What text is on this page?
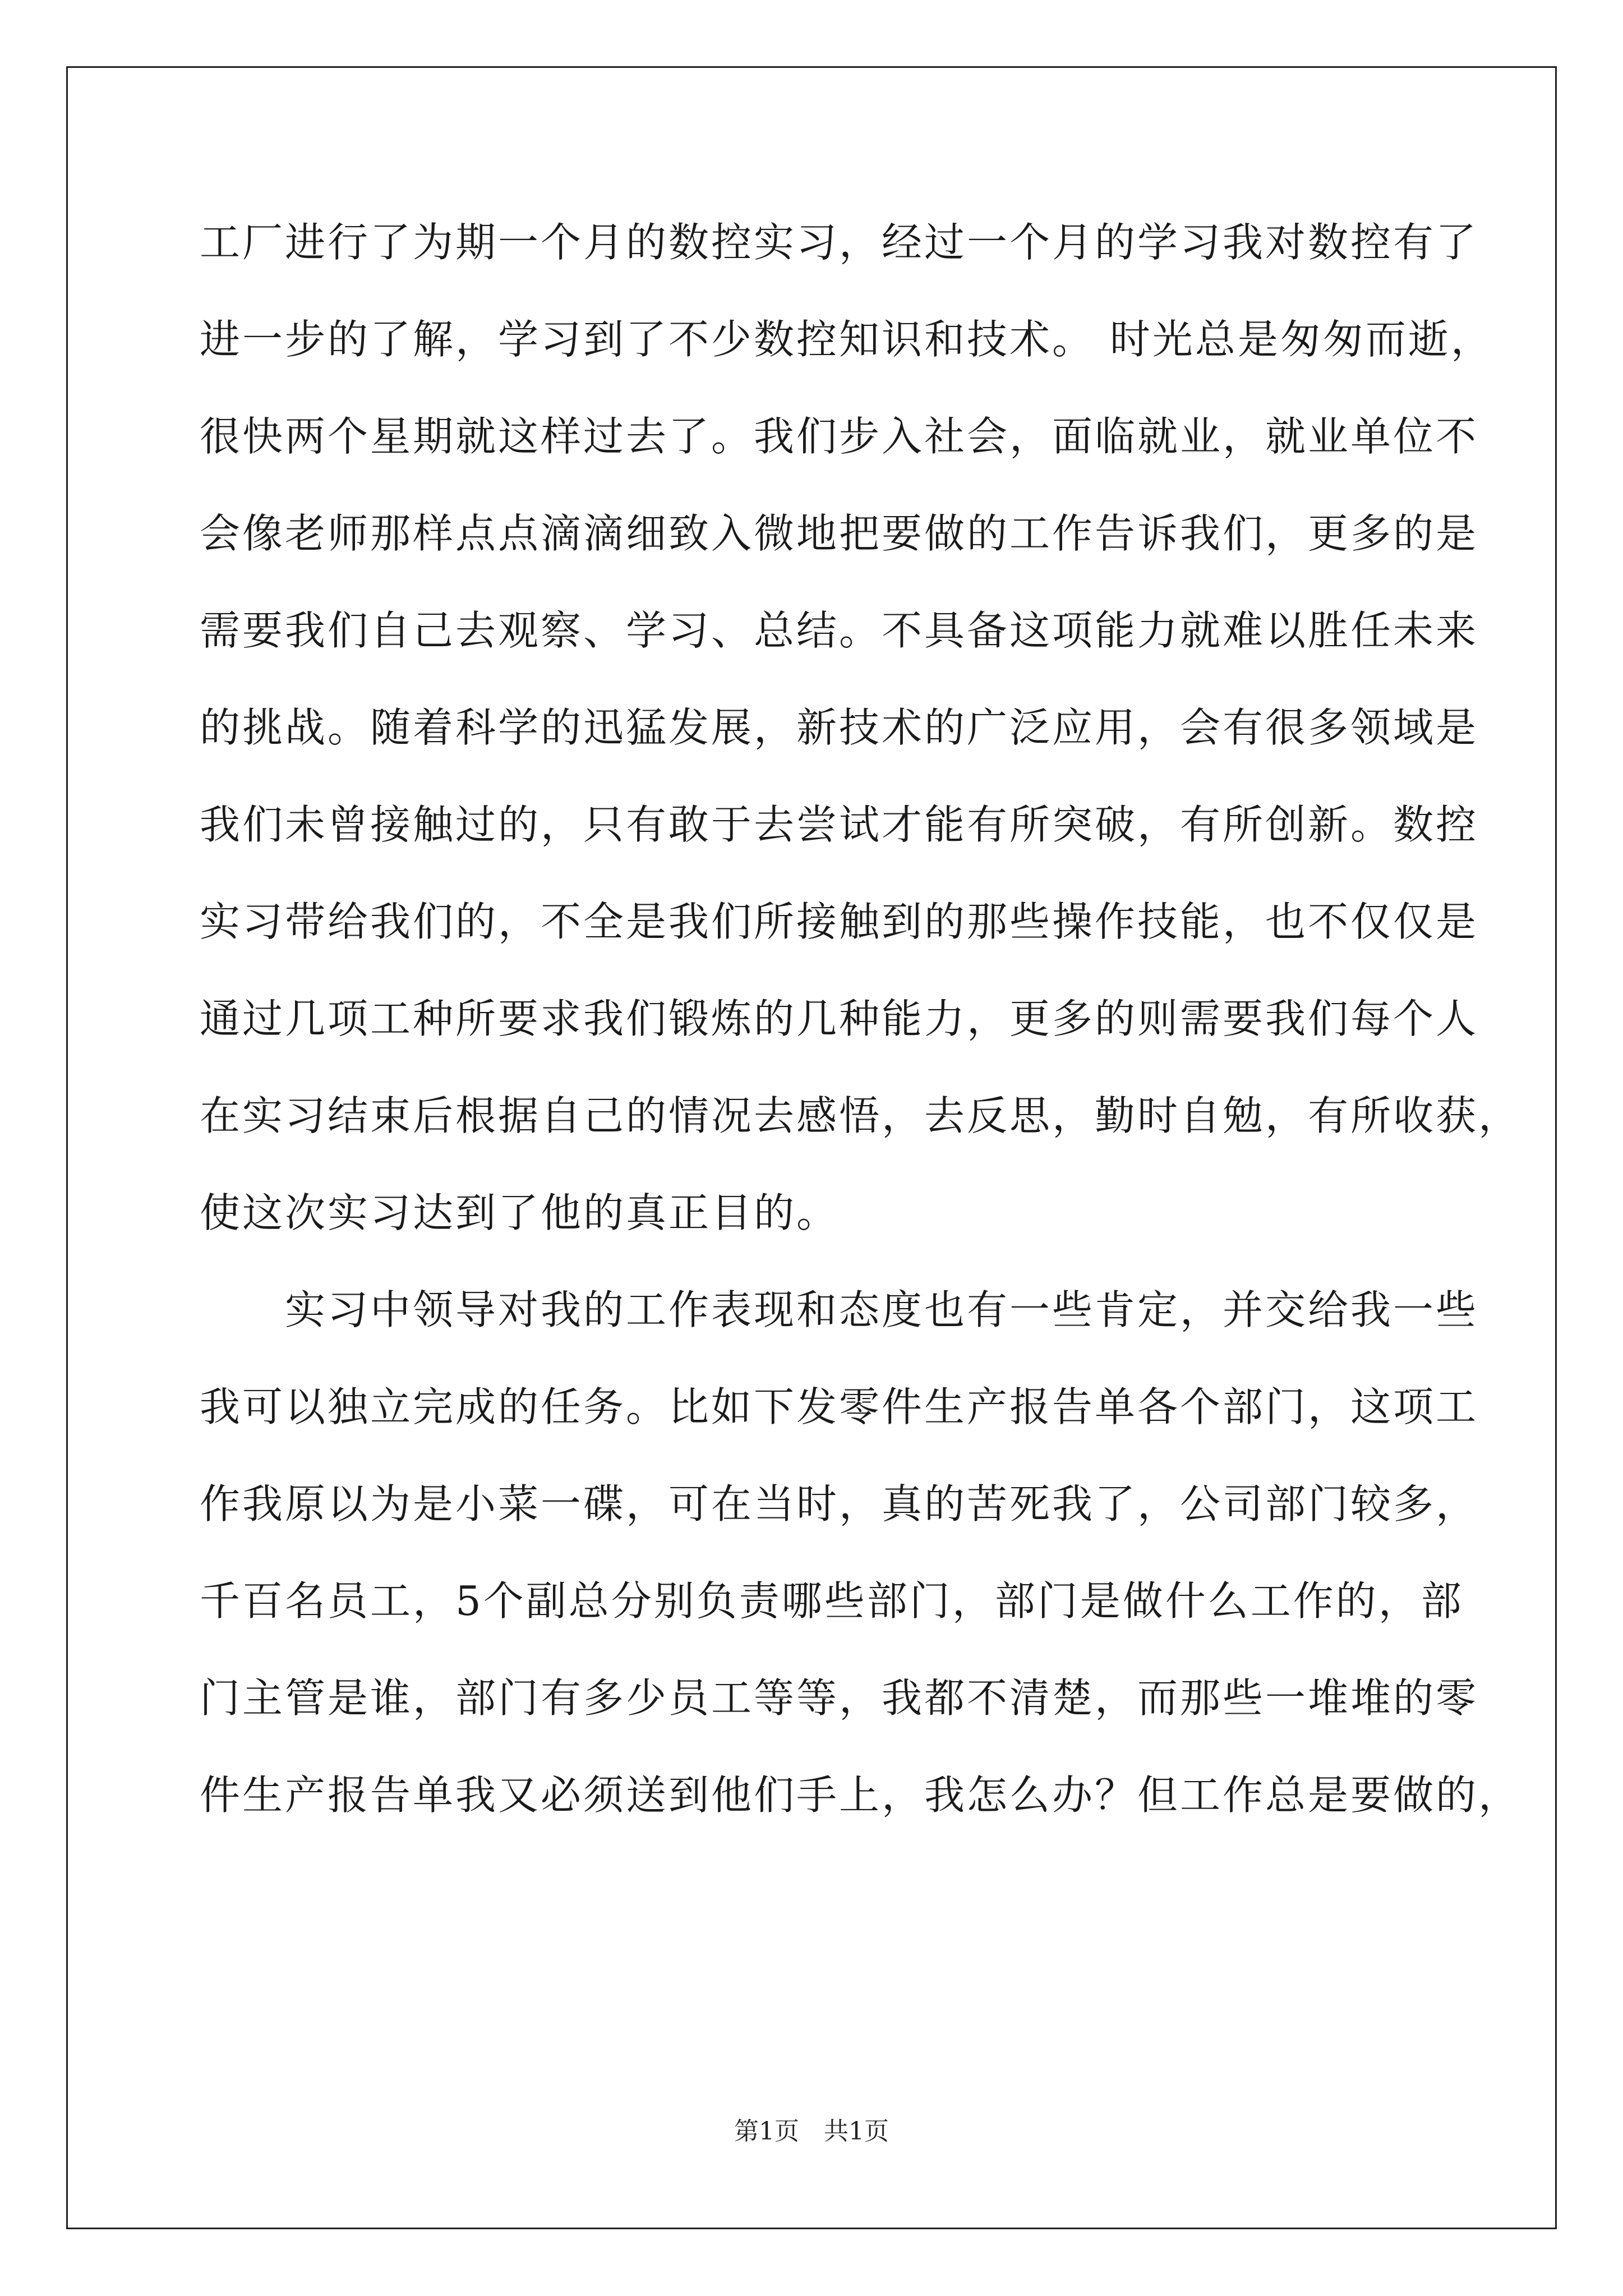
工厂进行了为期一个月的数控实习，经过一个月的学习我对数控有了
进一步的了解，学习到了不少数控知识和技术。 时光总是匆匆而逝，
很快两个星期就这样过去了。我们步入社会，面临就业，就业单位不
会像老师那样点点滴滴细致入微地把要做的工作告诉我们，更多的是
需要我们自己去观察、学习、总结。不具备这项能力就难以胜任未来
的挑战。随着科学的迅猛发展，新技术的广泛应用，会有很多领域是
我们未曾接触过的，只有敢于去尝试才能有所突破，有所创新。数控
实习带给我们的，不全是我们所接触到的那些操作技能，也不仅仅是
通过几项工种所要求我们锻炼的几种能力，更多的则需要我们每个人
在实习结束后根据自己的情况去感悟，去反思，勤时自勉，有所收获，
使这次实习达到了他的真正目的。
　　实习中领导对我的工作表现和态度也有一些肯定，并交给我一些
我可以独立完成的任务。比如下发零件生产报告单各个部门，这项工
作我原以为是小菜一碟，可在当时，真的苦死我了，公司部门较多，
千百名员工，5个副总分别负责哪些部门，部门是做什么工作的，部
门主管是谁，部门有多少员工等等，我都不清楚，而那些一堆堆的零
件生产报告单我又必须送到他们手上，我怎么办？但工作总是要做的，
第1页　共1页
